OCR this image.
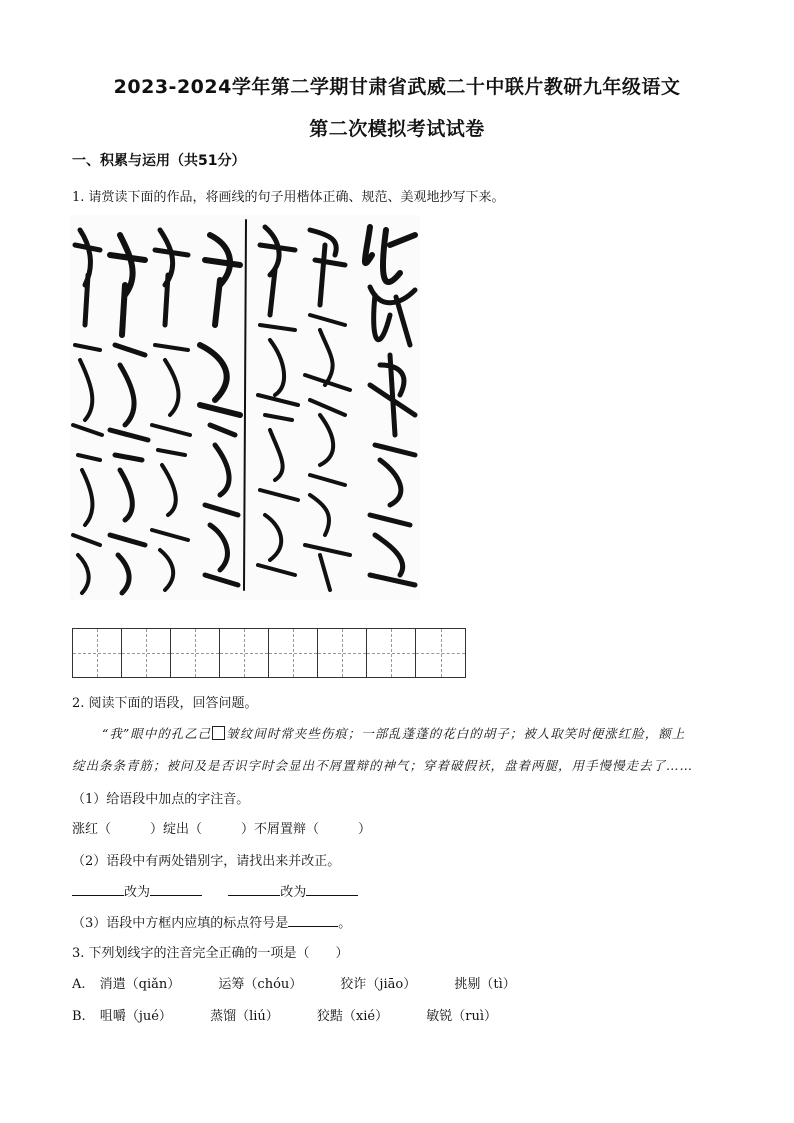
2023-2024学年第二学期甘肃省武威二十中联片教研九年级语文
第二次模拟考试试卷
一、积累与运用（共51分）
1. 请赏读下面的作品，将画线的句子用楷体正确、规范、美观地抄写下来。
2. 阅读下面的语段，回答问题。
“我”眼中的孔乙己 皱纹间时常夹些伤痕；一部乱蓬蓬的花白的胡子；被人取笑时便涨红脸，额上
绽出条条青筋；被问及是否识字时会显出不屑置辩的神气；穿着破假袄，盘着两腿，用手慢慢走去了……
（1）给语段中加点的字注音。
涨红（　　　）绽出（　　　）不屑置辩（　　　）
（2）语段中有两处错别字，请找出来并改正。
改为	改为
（3）语段中方框内应填的标点符号是	。
3. 下列划线字的注音完全正确的一项是（　　）
A. 消遣（qiǎn）	运筹（chóu）	狡诈（jiāo）	挑剔（tì）
B. 咀嚼（jué）	蒸馏（liú）	狡黠（xié）	敏锐（ruì）
